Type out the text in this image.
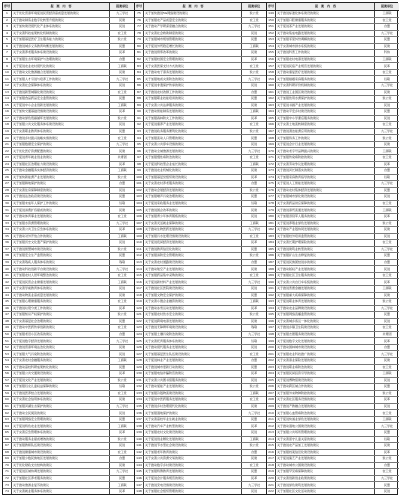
序号	提　案　内　容	提案单位
1	关于优化营商环境促进民营经济高质量发展的建议	九三学社
2	关于推动制造业数字化转型升级的建议	民建
3	关于加快建设现代化产业体系的建议	民进
4	关于完善科技成果转化机制的建议	农工党
5	关于加强基层医疗卫生服务能力的建议	致公党
6	关于推进城乡义务教育均衡发展的建议	民盟
7	关于完善养老服务体系建设的建议	民革
8	关于加强生态环境保护与治理的建议	台盟
9	关于促进农业农村现代化的建议	工商联
10	关于推动文化旅游融合发展的建议	民建
11	关于加强人才引进与培养工作的建议	九三学社
12	关于完善社会保障体系的建议	民进
13	关于推进新型城镇化建设的建议	农工党
14	关于加强食品药品安全监管的建议	民盟
15	关于促进中小企业创新发展的建议	工商联
16	关于加快交通基础设施建设的建议	民革
17	关于推动绿色低碳循环发展的建议	致公党
18	关于加强公共文化服务体系建设的建议	民进
19	关于完善职业教育体系的建议	民盟
20	关于推进乡村振兴战略实施的建议	农工党
21	关于加强数据安全保护的建议	九三学社
22	关于优化医疗资源配置的建议	民建
23	关于促进青年就业创业的建议	共青团
24	关于加强社区治理能力建设的建议	民革
25	关于推动金融服务实体经济的建议	工商联
26	关于加快新能源产业发展的建议	致公党
27	关于加强耕地保护的建议	台盟
28	关于完善住房保障制度的建议	民进
29	关于推进法治政府建设的建议	民盟
30	关于加强未成年人保护工作的建议	妇联
31	关于促进消费扩容提质的建议	民建
32	关于推动体育事业发展的建议	农工党
33	关于加强水资源管理的建议	九三学社
34	关于完善公共卫生应急体系的建议	民革
35	关于推动对外开放合作的建议	工商联
36	关于加强历史文化遗产保护的建议	民进
37	关于推进智慧城市建设的建议	致公党
38	关于加强安全生产监管的建议	民盟
39	关于完善残疾人服务体系的建议	残联
40	关于推动科技创新平台建设的建议	九三学社
41	关于加强农村人居环境整治的建议	农工党
42	关于促进民营企业健康发展的建议	工商联
43	关于完善学前教育体系的建议	民进
44	关于推动物流业高质量发展的建议	民建
45	关于加强心理健康服务的建议	农工党
46	关于推进垃圾分类工作的建议	民革
47	关于加强知识产权保护的建议	致公党
48	关于完善基层社会治理的建议	民盟
49	关于推动中医药传承创新的建议	农工党
50	关于加强老旧小区改造的建议	台盟
51	关于促进数字经济发展的建议	九三学社
52	关于推进营商环境法治化的建议	民建
53	关于加强大气污染防治的建议	民进
54	关于完善农村金融服务的建议	工商联
55	关于推动高校科研成果转化的建议	民盟
56	关于加强公共交通建设的建议	民革
57	关于促进文化产业发展的建议	致公党
58	关于加强妇女儿童权益保障的建议	妇联
59	关于推进医养结合发展的建议	农工党
60	关于完善社会信用体系的建议	民建
61	关于加强河湖生态保护的建议	九三学社
62	关于推动全民阅读的建议	民进
63	关于加强网络安全管理的建议	民盟
64	关于促进特色农业发展的建议	工商联
65	关于完善应急管理体系的建议	民革
66	关于推动服务业提质增效的建议	致公党
67	关于加强教师队伍建设的建议	民进
68	关于推进健康城市建设的建议	农工党
69	关于加强少数民族地区发展的建议	台盟
70	关于优化财政支出结构的建议	民建
71	关于促进区域协调发展的建议	九三学社
72	关于加强社区养老服务的建议	民盟
73	关于推动旅游业复苏的建议	工商联
74	关于完善就业服务体系的建议	民革
序号	提　案　内　容	提案单位
75	关于加快推进5G网络建设的建议	致公党
76	关于加强农产品质量安全的建议	农工党
77	关于推动产学研深度融合的建议	九三学社
78	关于完善社会救助制度的建议	民进
79	关于加强城市规划管理的建议	民盟
80	关于促进外贸稳定增长的建议	工商联
81	关于推进殡葬改革的建议	民建
82	关于加强校园安全管理的建议	民革
83	关于完善医保支付方式的建议	农工党
84	关于推动电子商务发展的建议	致公党
85	关于加强地质灾害防治的建议	九三学社
86	关于促进非遗保护传承的建议	民进
87	关于推进农村改厕工作的建议	台盟
88	关于加强职业技能培训的建议	民盟
89	关于完善公共法律服务的建议	民建
90	关于推动智能制造发展的建议	工商联
91	关于加强森林防火工作的建议	民革
92	关于促进康养产业发展的建议	农工党
93	关于推进政务服务便利化的建议	致公党
94	关于加强流动人口管理的建议	民盟
95	关于完善公共停车设施的建议	民进
96	关于推动全域旅游发展的建议	九三学社
97	关于加强慢性病防治的建议	农工党
98	关于促进科技型企业成长的建议	工商联
99	关于推进农业机械化的建议	民建
100	关于加强基层党组织建设的建议	民革
101	关于完善农村养老服务的建议	台盟
102	关于推动会展经济发展的建议	致公党
103	关于加强噪声污染治理的建议	民盟
104	关于促进家政服务业发展的建议	妇联
105	关于推进国企改革的建议	民建
106	关于加强青少年体育锻炼的建议	民进
107	关于完善灵活就业保障的建议	工商联
108	关于推动生物医药发展的建议	九三学社
109	关于加强污水处理设施建设的建议	农工党
110	关于促进夜间经济发展的建议	民革
111	关于推进教育信息化的建议	民盟
112	关于加强消防安全管理的建议	致公党
113	关于完善农村道路建设的建议	台盟
114	关于推动航空产业发展的建议	民建
115	关于加强药品集中采购的建议	农工党
116	关于促进新材料产业发展的建议	九三学社
117	关于推进社区医院建设的建议	民进
118	关于加强文物安全保护的建议	民盟
119	关于完善小微企业融资的建议	工商联
120	关于推动冰雪运动发展的建议	民革
121	关于加强农村饮水安全的建议	致公党
122	关于促进跨境电商发展的建议	民建
123	关于推进无障碍环境建设的建议	残联
124	关于加强土壤污染防治的建议	九三学社
125	关于完善托育服务体系的建议	妇联
126	关于推动现代服务业发展的建议	民进
127	关于加强基层医生队伍建设的建议	农工党
128	关于促进林业产业发展的建议	台盟
129	关于推进城市更新行动的建议	民盟
130	关于加强电信诈骗防范的建议	民革
131	关于完善公共图书馆服务的建议	民进
132	关于推动氢能产业发展的建议	致公党
133	关于加强冷链物流建设的建议	工商联
134	关于促进中医药服务发展的建议	农工党
135	关于推进乡村治理现代化的建议	民建
136	关于加强湿地保护的建议	九三学社
137	关于完善高校毕业生就业的建议	民盟
138	关于推动汽车产业转型的建议	民革
139	关于加强农村文化建设的建议	民进
140	关于促进创业孵化发展的建议	工商联
141	关于推进节水型社会建设的建议	致公党
142	关于加强老年教育的建议	台盟
143	关于完善公共资源交易的建议	民建
144	关于推动数字乡村建设的建议	农工党
145	关于加强特殊教育发展的建议	民盟
146	关于促进会计服务规范的建议	民革
147	关于推进充电设施建设的建议	九三学社
148	关于加强社会组织管理的建议	民进
序号	提　案　内　容	提案单位
149	关于推进标准化体系建设的建议	工商联
150	关于加强口腔健康服务的建议	农工党
151	关于促进茶产业发展的建议	台盟
152	关于推动集成电路发展的建议	九三学社
153	关于加强邻里纠纷调解的建议	民盟
154	关于完善城市排水系统的建议	民建
155	关于推进科普工作的建议	科协
156	关于加强农村电商发展的建议	工商联
157	关于促进民宿产业规范发展的建议	民革
158	关于推动康复医疗发展的建议	农工党
159	关于加强婚姻家庭服务的建议	妇联
160	关于完善科研评价机制的建议	九三学社
161	关于推进工业园区建设的建议	民建
162	关于加强饮用水源保护的建议	致公党
163	关于促进书画产业发展的建议	民进
164	关于推动平安乡村建设的建议	民盟
165	关于加强中小学课后服务的建议	民进
166	关于完善土地流转制度的建议	农工党
167	关于推进清洁能源应用的建议	九三学社
168	关于加强侨务工作的建议	致公党
169	关于促进会计行业发展的建议	民建
170	关于推动老字号品牌振兴的建议	工商联
171	关于加强传染病防控的建议	农工党
172	关于完善劳动争议处理的建议	民革
173	关于推进河长制落实的建议	台盟
174	关于加强家庭教育指导的建议	妇联
175	关于促进人工智能发展的建议	九三学社
176	关于推动农村集体经济发展的建议	民盟
177	关于加强城市绿化建设的建议	民进
178	关于完善药品供应保障的建议	农工党
179	关于推进商贸流通发展的建议	工商联
180	关于加强退役军人服务的建议	民革
181	关于促进养殖业绿色发展的建议	致公党
182	关于推动产业链协同发展的建议	民建
183	关于加强校外培训监管的建议	民进
184	关于完善长期护理保险的建议	农工党
185	关于推进建筑业转型的建议	九三学社
186	关于加强矿山生态修复的建议	民盟
187	关于促进民族团结进步的建议	台盟
188	关于推动版权产业发展的建议	民进
189	关于加强社区卫生服务的建议	农工党
190	关于完善公共自行车系统的建议	民革
191	关于推进普惠金融发展的建议	工商联
192	关于加强重大疾病保障的建议	民建
193	关于促进职业体育发展的建议	致公党
194	关于推动农业品牌建设的建议	九三学社
195	关于加强网络直播监管的建议	民盟
196	关于完善城乡客运一体化的建议	民进
197	关于推进乡镇卫生院建设的建议	农工党
198	关于加强志愿服务建设的建议	共青团
199	关于促进数字文化发展的建议	民革
200	关于推动园林城市建设的建议	台盟
201	关于加强农业科技推广的建议	九三学社
202	关于完善商业保险发展的建议	民建
203	关于推进职业病防治的建议	农工党
204	关于加强民间投资引导的建议	工商联
205	关于促进博物馆建设的建议	民进
206	关于推动跨区域合作的建议	民盟
207	关于加强外来物种防控的建议	致公党
208	关于完善社区服务设施的建议	民革
209	关于推进产教融合发展的建议	民进
210	关于加强心血管病防治的建议	农工党
211	关于促进快递业绿色发展的建议	工商联
212	关于推动湿地公园建设的建议	九三学社
213	关于加强公共场所管理的建议	民盟
214	关于完善留守儿童关爱的建议	妇联
215	关于推进农产品加工发展的建议	民建
216	关于加强档案信息化建设的建议	民革
217	关于促进演艺产业发展的建议	致公党
218	关于推动城市公园建设的建议	台盟
219	关于加强罕见病保障的建议	农工党
220	关于完善创新创业政策的建议	九三学社
221	关于推进绿色建筑发展的建议	民盟
222	关于加强社区文化活动的建议	民进
